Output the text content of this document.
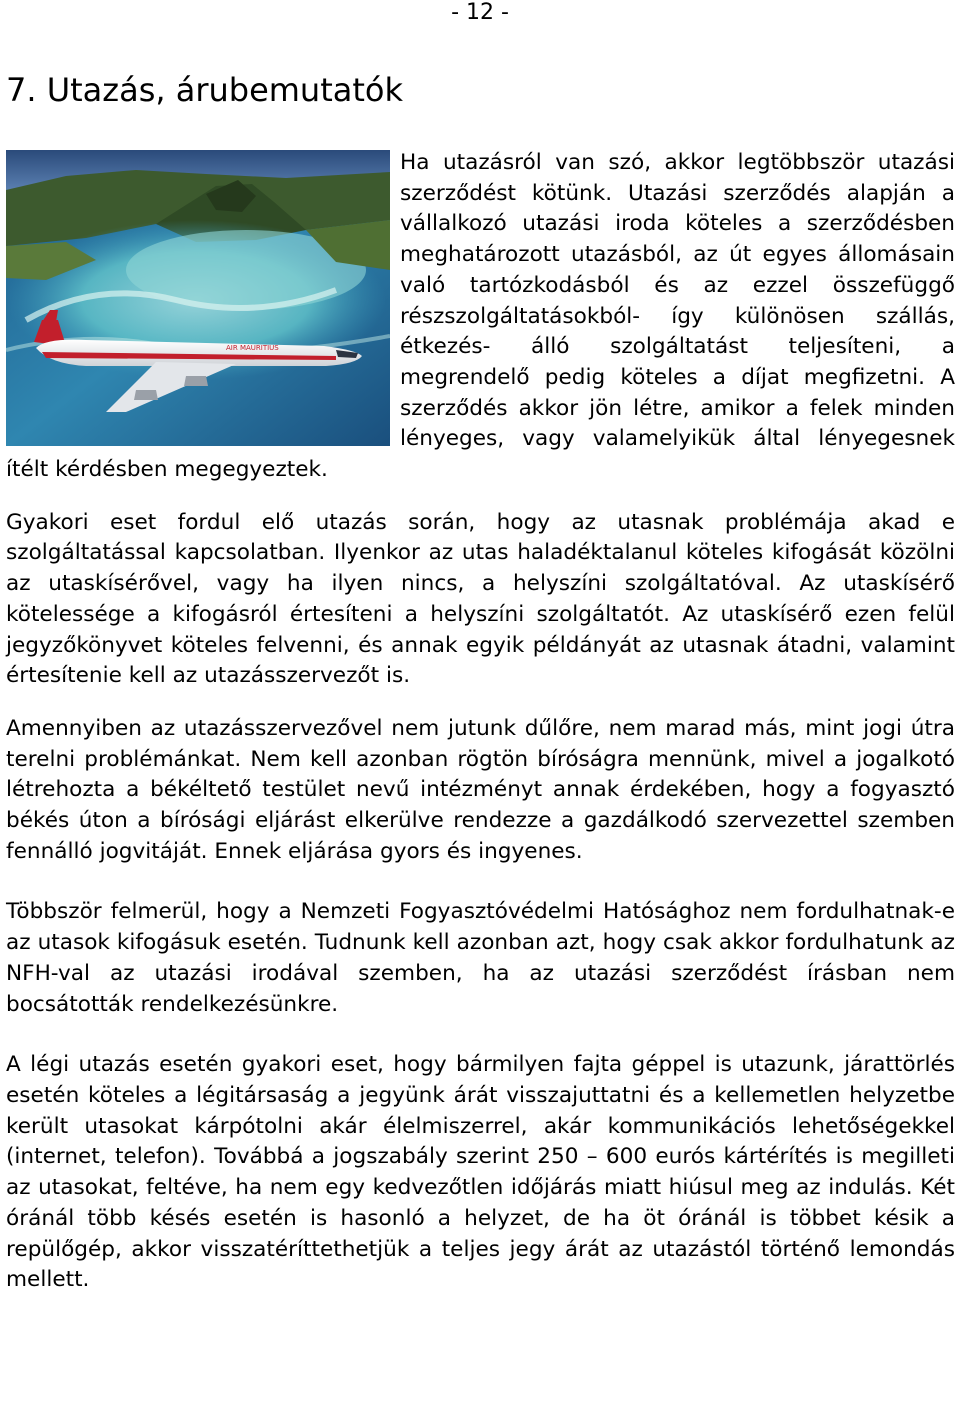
- 12 -
7. Utazás, árubemutatók
AIR MAURITIUS

Ha utazásról van szó, akkor legtöbbször utazási szerződést kötünk. Utazási szerződés alapján a vállalkozó utazási iroda köteles a szerződésben meghatározott utazásból, az út egyes állomásain való tartózkodásból és az ezzel összefüggő részszolgáltatásokból- így különösen szállás, étkezés- álló szolgáltatást teljesíteni, a megrendelő pedig köteles a díjat megfizetni. A szerződés akkor jön létre, amikor a felek minden lényeges, vagy valamelyikük által lényegesnek ítélt kérdésben megegyeztek.

Gyakori eset fordul elő utazás során, hogy az utasnak problémája akad e szolgáltatással kapcsolatban. Ilyenkor az utas haladéktalanul köteles kifogását közölni az utaskísérővel, vagy ha ilyen nincs, a helyszíni szolgáltatóval. Az utaskísérő kötelessége a kifogásról értesíteni a helyszíni szolgáltatót. Az utaskísérő ezen felül jegyzőkönyvet köteles felvenni, és annak egyik példányát az utasnak átadni, valamint értesítenie kell az utazásszervezőt is.

Amennyiben az utazásszervezővel nem jutunk dűlőre, nem marad más, mint jogi útra terelni problémánkat. Nem kell azonban rögtön bíróságra mennünk, mivel a jogalkotó létrehozta a békéltető testület nevű intézményt annak érdekében, hogy a fogyasztó békés úton a bírósági eljárást elkerülve rendezze a gazdálkodó szervezettel szemben fennálló jogvitáját. Ennek eljárása gyors és ingyenes.

Többször felmerül, hogy a Nemzeti Fogyasztóvédelmi Hatósághoz nem fordulhatnak-e az utasok kifogásuk esetén. Tudnunk kell azonban azt, hogy csak akkor fordulhatunk az NFH-val az utazási irodával szemben, ha az utazási szerződést írásban nem bocsátották rendelkezésünkre.

A légi utazás esetén gyakori eset, hogy bármilyen fajta géppel is utazunk, járattörlés esetén köteles a légitársaság a jegyünk árát visszajuttatni és a kellemetlen helyzetbe került utasokat kárpótolni akár élelmiszerrel, akár kommunikációs lehetőségekkel (internet, telefon). Továbbá a jogszabály szerint 250 – 600 eurós kártérítés is megilleti az utasokat, feltéve, ha nem egy kedvezőtlen időjárás miatt hiúsul meg az indulás. Két óránál több késés esetén is hasonló a helyzet, de ha öt óránál is többet késik a repülőgép, akkor visszatéríttethetjük a teljes jegy árát az utazástól történő lemondás mellett.
